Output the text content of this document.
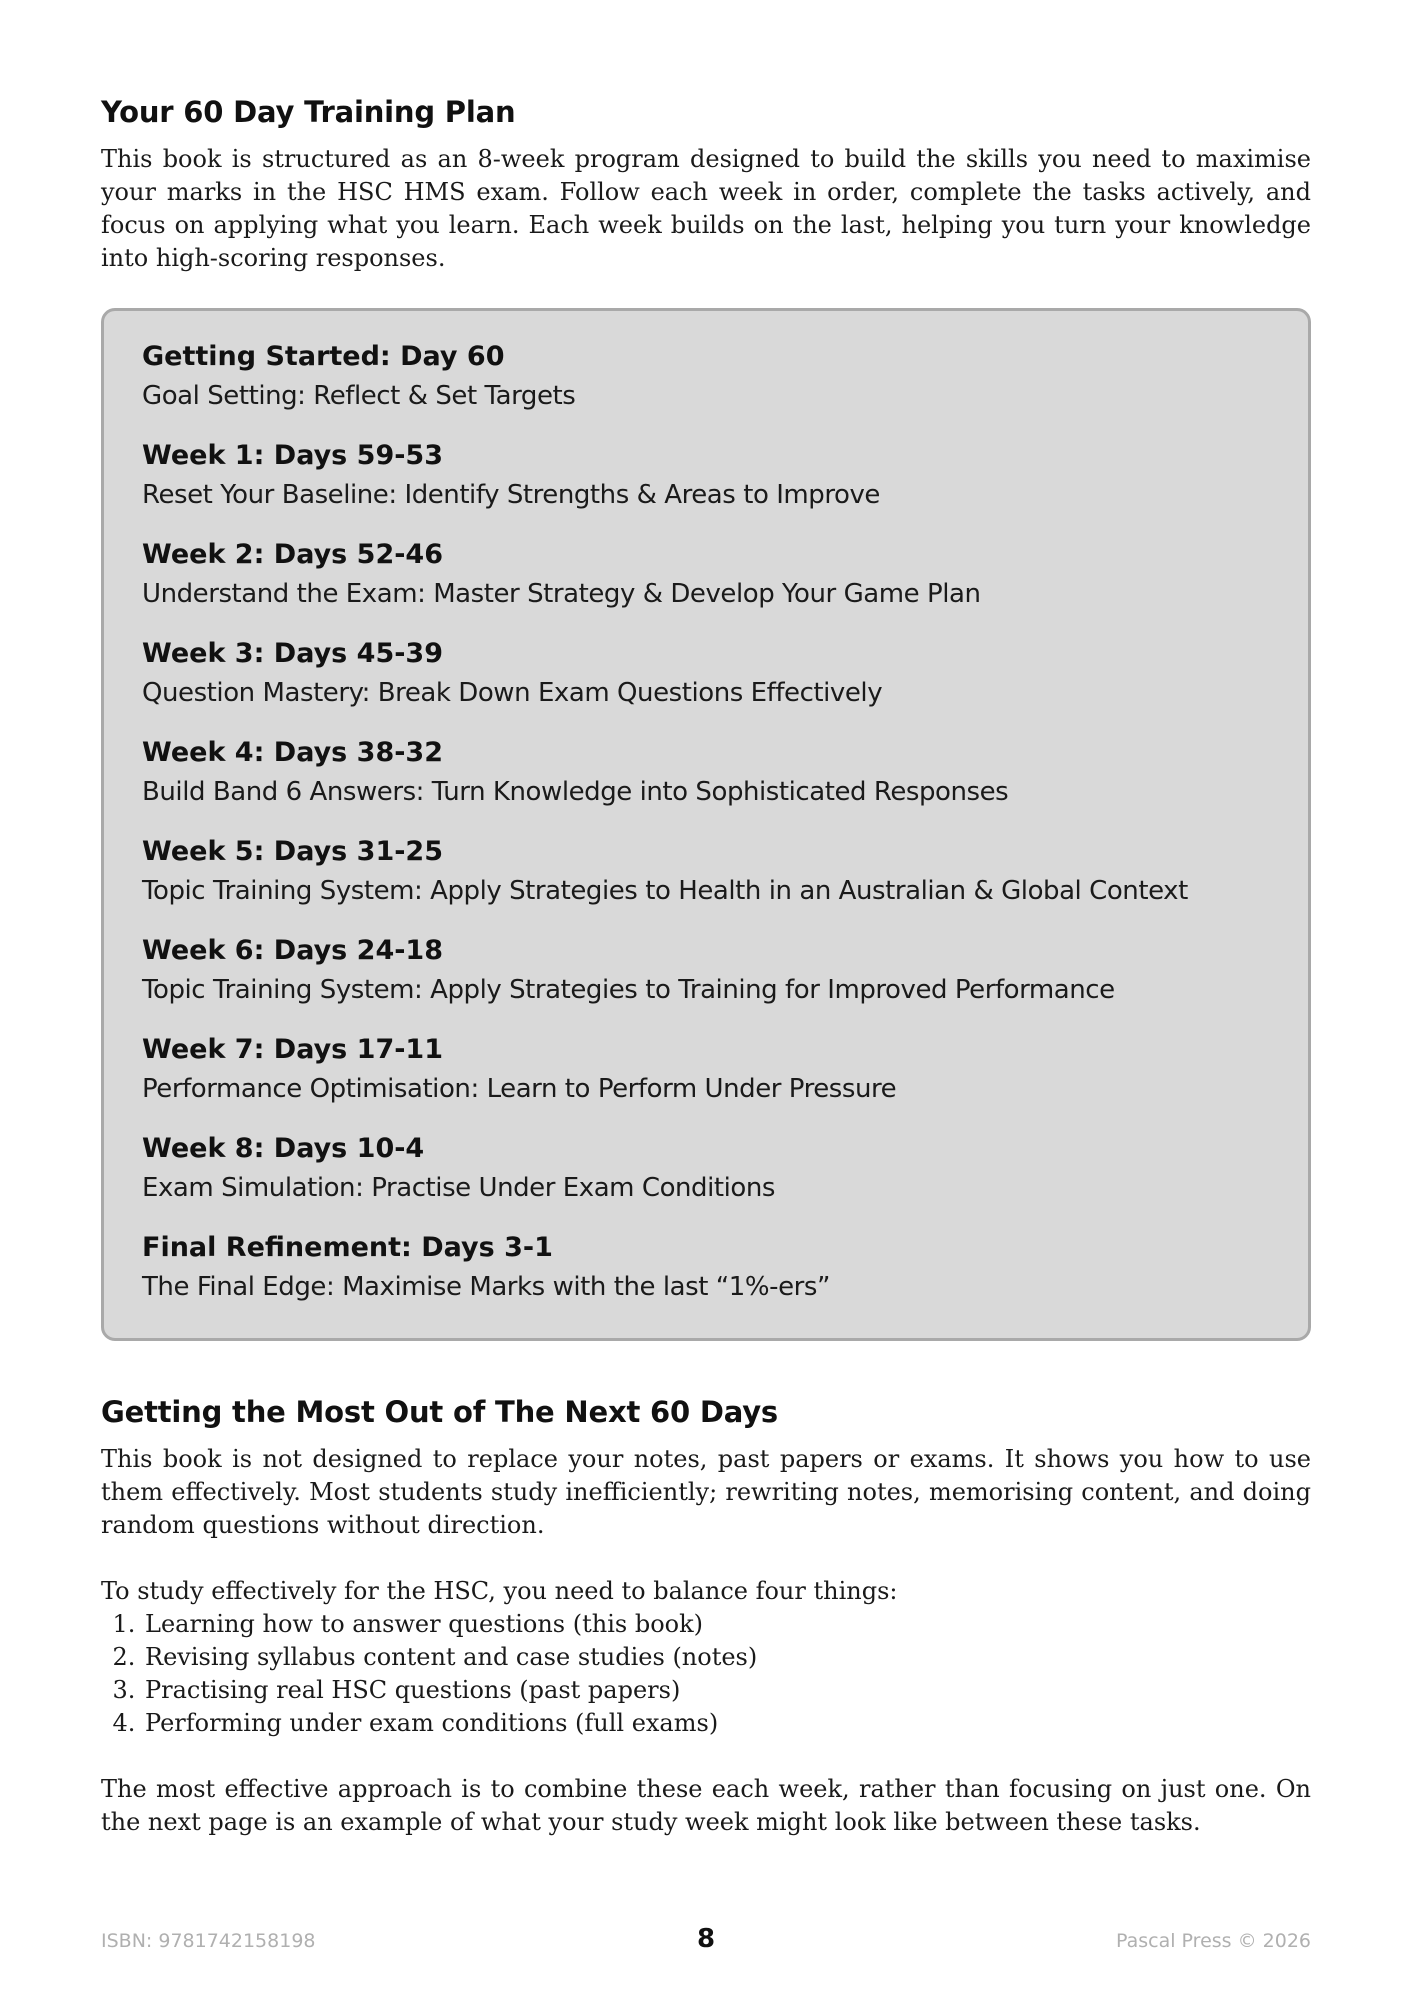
Your 60 Day Training Plan

This book is structured as an 8-week program designed to build the skills you need to maximise your marks in the HSC HMS exam. Follow each week in order, complete the tasks actively, and focus on applying what you learn. Each week builds on the last, helping you turn your knowledge into high-scoring responses.

Getting Started: Day 60
Goal Setting: Reflect & Set Targets
Week 1: Days 59-53
Reset Your Baseline: Identify Strengths & Areas to Improve
Week 2: Days 52-46
Understand the Exam: Master Strategy & Develop Your Game Plan
Week 3: Days 45-39
Question Mastery: Break Down Exam Questions Effectively
Week 4: Days 38-32
Build Band 6 Answers: Turn Knowledge into Sophisticated Responses
Week 5: Days 31-25
Topic Training System: Apply Strategies to Health in an Australian & Global Context
Week 6: Days 24-18
Topic Training System: Apply Strategies to Training for Improved Performance
Week 7: Days 17-11
Performance Optimisation: Learn to Perform Under Pressure
Week 8: Days 10-4
Exam Simulation: Practise Under Exam Conditions
Final Refinement: Days 3-1
The Final Edge: Maximise Marks with the last “1%-ers”
Getting the Most Out of The Next 60 Days

This book is not designed to replace your notes, past papers or exams. It shows you how to use them effectively. Most students study inefficiently; rewriting notes, memorising content, and doing random questions without direction.

To study effectively for the HSC, you need to balance four things:

1. Learning how to answer questions (this book)
2. Revising syllabus content and case studies (notes)
3. Practising real HSC questions (past papers)
4. Performing under exam conditions (full exams)

The most effective approach is to combine these each week, rather than focusing on just one. On the next page is an example of what your study week might look like between these tasks.

ISBN: 9781742158198	8	Pascal Press © 2026
